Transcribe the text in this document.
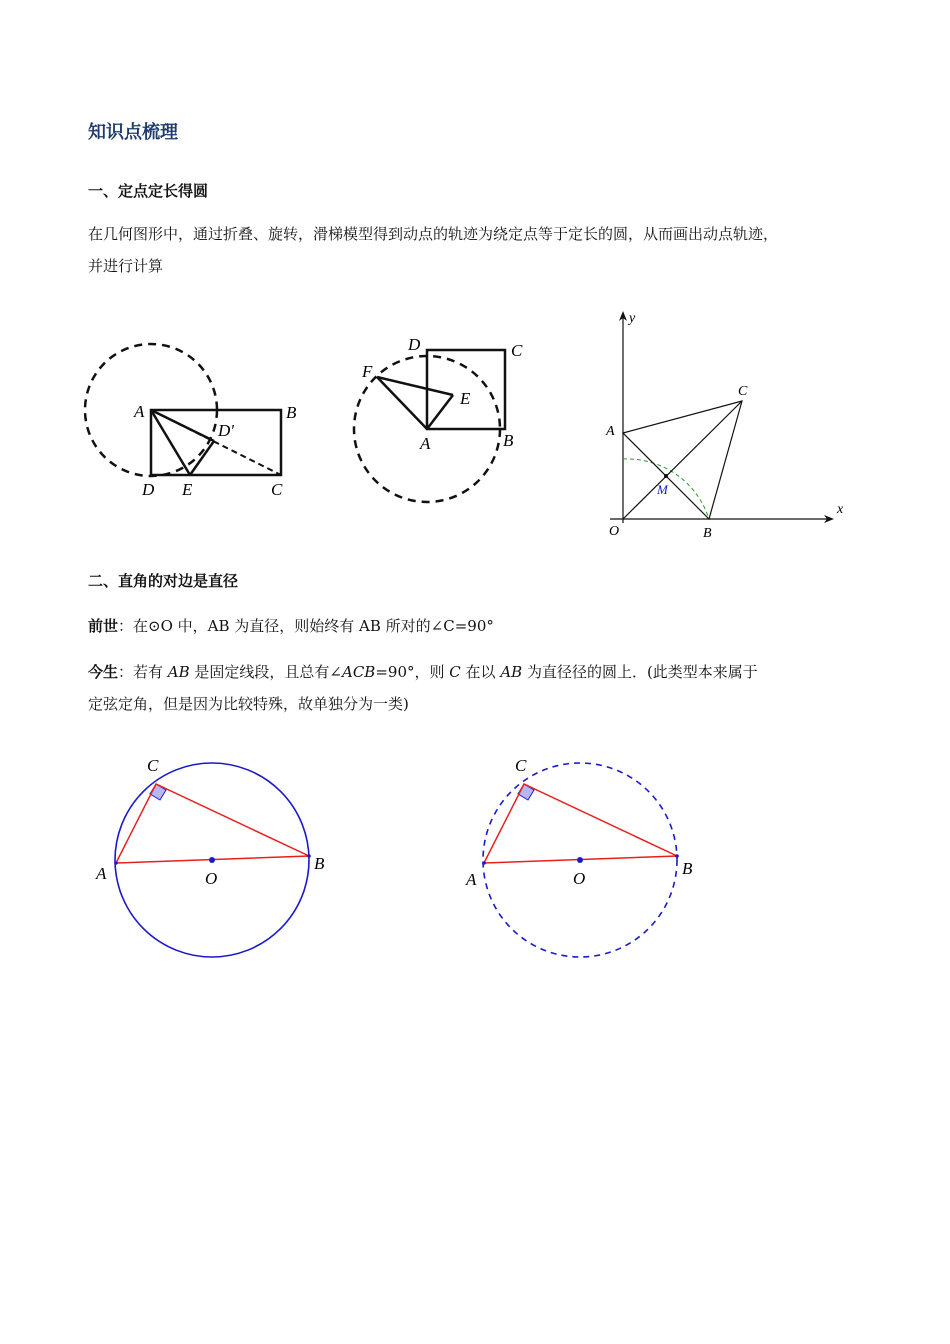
知识点梳理
一、定点定长得圆
在几何图形中，通过折叠、旋转，滑梯模型得到动点的轨迹为绕定点等于定长的圆，从而画出动点轨迹，
并进行计算
A	B
D'
D E	C
D	C
F
E
A	B
y
x
A
C
M
O	B
二、直角的对边是直径
前世：在⊙O 中，AB 为直径，则始终有 AB 所对的∠C=90°
今生：若有 AB 是固定线段，且总有∠ACB=90°，则 C 在以 AB 为直径径的圆上．(此类型本来属于
定弦定角，但是因为比较特殊，故单独分为一类)
C
A	O
B
C
A	O
B
